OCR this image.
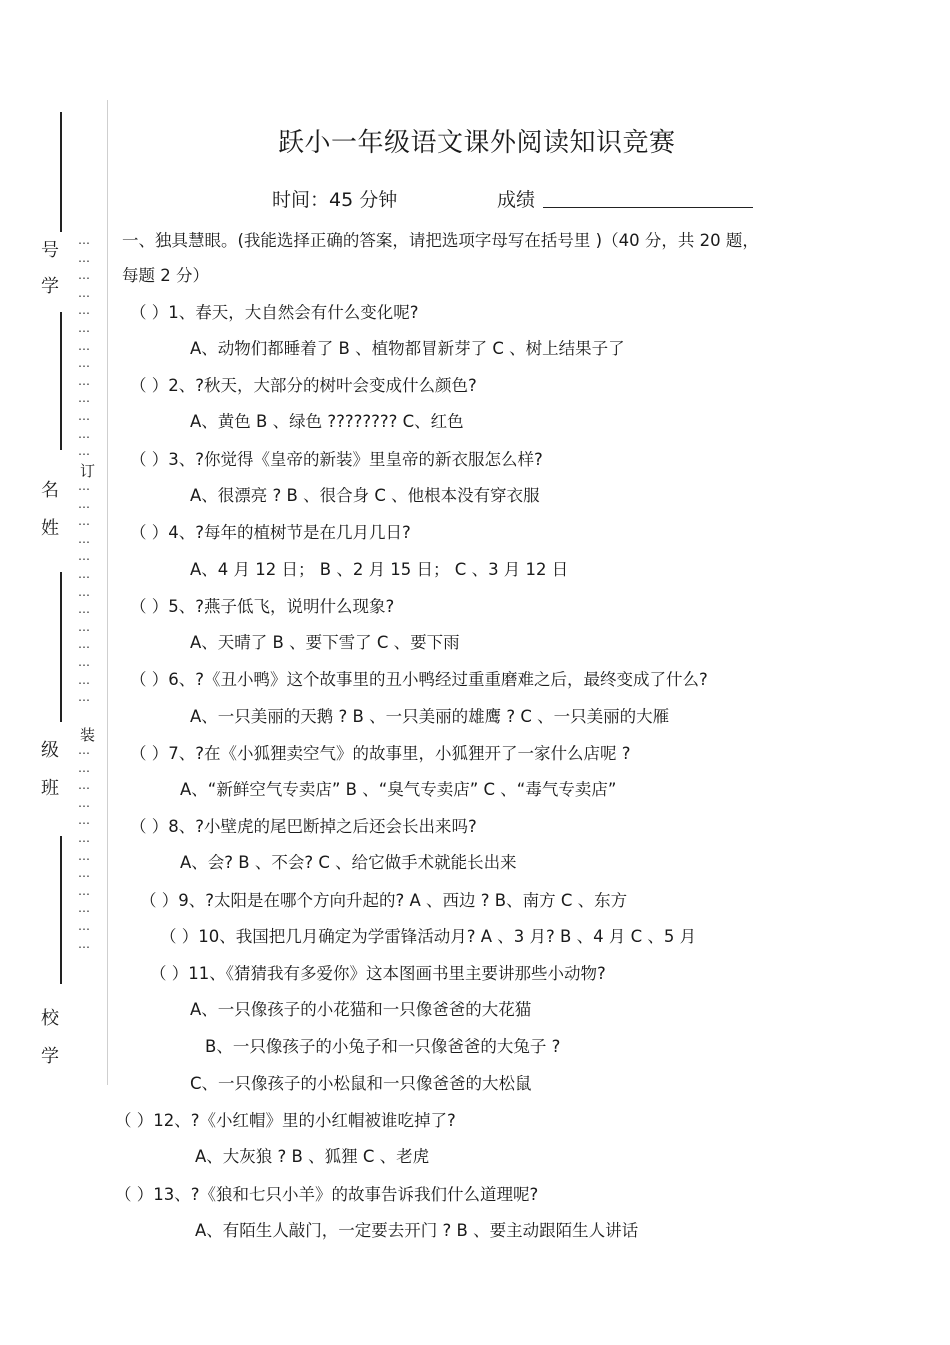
号
学
名
姓
级
班
校
学
…
…
…
…
…
…
…
…
…
…
…
…
…
订
…
…
…
…
…
…
…
…
…
…
…
…
…
装
…
…
…
…
…
…
…
…
…
…
…
…
跃小一年级语文课外阅读知识竞赛
时间：45 分钟	成绩
一、独具慧眼。(我能选择正确的答案，请把选项字母写在括号里 )（40 分，共 20 题，
每题 2 分）
（ ）1、春天，大自然会有什么变化呢?
A、动物们都睡着了 B 、植物都冒新芽了 C 、树上结果子了
（ ）2、?秋天，大部分的树叶会变成什么颜色?
A、黄色 B 、绿色 ???????? C、红色
（ ）3、?你觉得《皇帝的新装》里皇帝的新衣服怎么样?
A、很漂亮 ? B 、很合身 C 、他根本没有穿衣服
（ ）4、?每年的植树节是在几月几日?
A、4 月 12 日； B 、2 月 15 日； C 、3 月 12 日
（ ）5、?燕子低飞，说明什么现象?
A、天晴了 B 、要下雪了 C 、要下雨
（ ）6、?《丑小鸭》这个故事里的丑小鸭经过重重磨难之后，最终变成了什么?
A、一只美丽的天鹅 ? B 、一只美丽的雄鹰 ? C 、一只美丽的大雁
（ ）7、?在《小狐狸卖空气》的故事里，小狐狸开了一家什么店呢 ?
A、“新鲜空气专卖店” B 、“臭气专卖店” C 、“毒气专卖店”
（ ）8、?小壁虎的尾巴断掉之后还会长出来吗?
A、会? B 、不会? C 、给它做手术就能长出来
（ ）9、?太阳是在哪个方向升起的? A 、西边 ? B、南方 C 、东方
（ ）10、我国把几月确定为学雷锋活动月? A 、3 月? B 、4 月 C 、5 月
（ ）11、《猜猜我有多爱你》这本图画书里主要讲那些小动物?
A、一只像孩子的小花猫和一只像爸爸的大花猫
B、一只像孩子的小兔子和一只像爸爸的大兔子 ?
C、一只像孩子的小松鼠和一只像爸爸的大松鼠
（ ）12、?《小红帽》里的小红帽被谁吃掉了?
A、大灰狼 ? B 、狐狸 C 、老虎
（ ）13、?《狼和七只小羊》的故事告诉我们什么道理呢?
A、有陌生人敲门，一定要去开门 ? B 、要主动跟陌生人讲话
